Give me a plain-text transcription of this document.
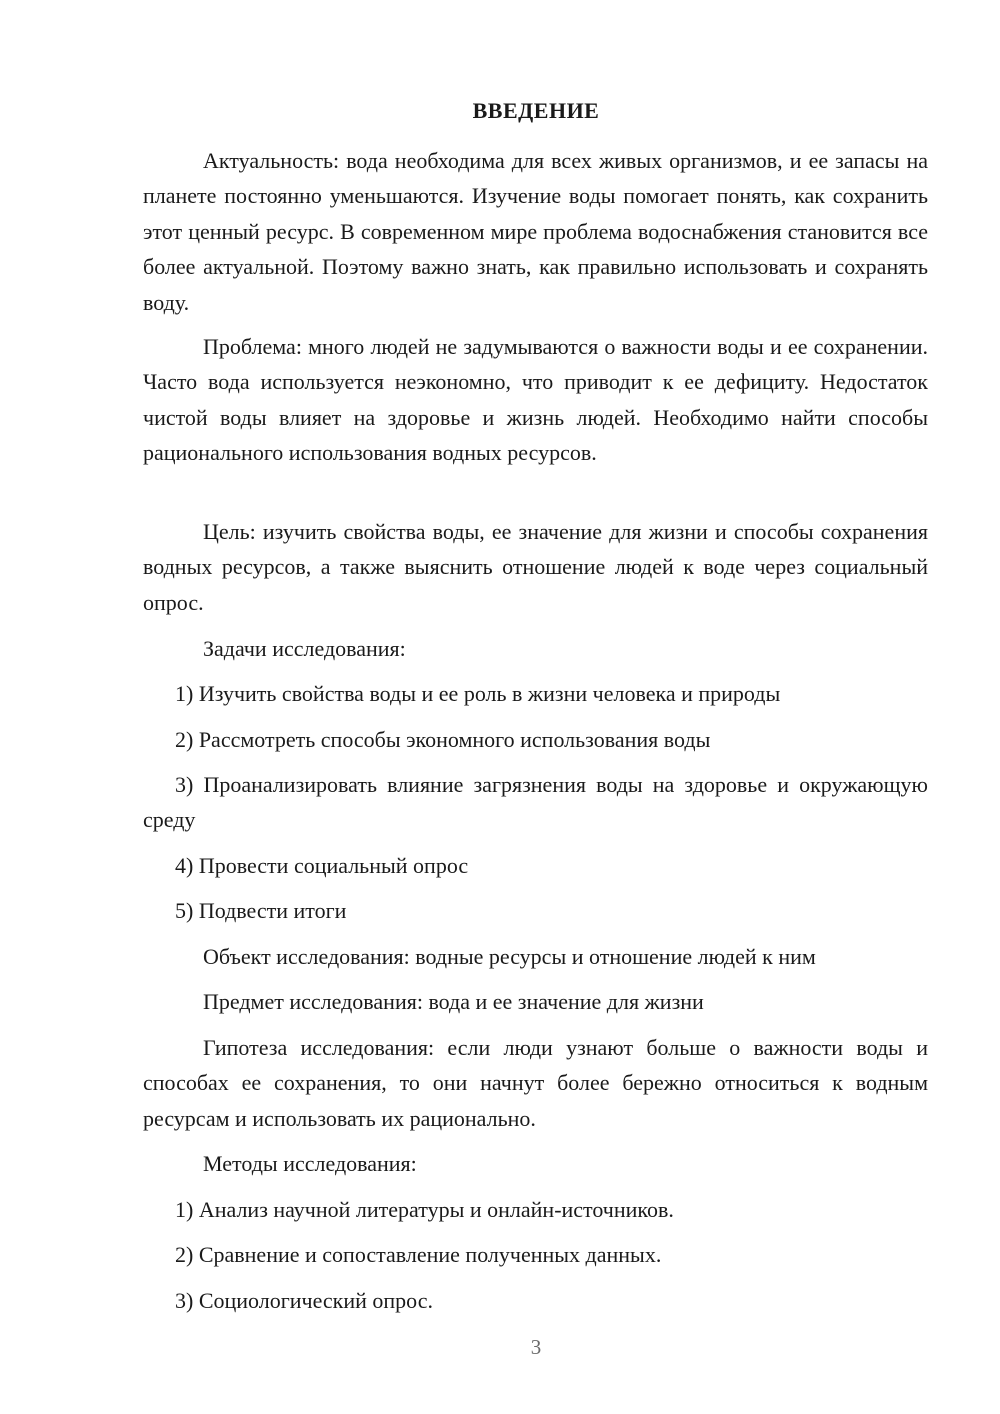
ВВЕДЕНИЕ

Актуальность: вода необходима для всех живых организмов, и ее запасы на планете постоянно уменьшаются. Изучение воды помогает понять, как сохранить этот ценный ресурс. В современном мире проблема водоснабжения становится все более актуальной. Поэтому важно знать, как правильно использовать и сохранять воду.

Проблема: много людей не задумываются о важности воды и ее сохранении. Часто вода используется неэкономно, что приводит к ее дефициту. Недостаток чистой воды влияет на здоровье и жизнь людей. Необходимо найти способы рационального использования водных ресурсов.

Цель: изучить свойства воды, ее значение для жизни и способы сохранения водных ресурсов, а также выяснить отношение людей к воде через социальный опрос.

Задачи исследования:

1) Изучить свойства воды и ее роль в жизни человека и природы

2) Рассмотреть способы экономного использования воды

3) Проанализировать влияние загрязнения воды на здоровье и окружающую среду

4) Провести социальный опрос

5) Подвести итоги

Объект исследования: водные ресурсы и отношение людей к ним

Предмет исследования: вода и ее значение для жизни

Гипотеза исследования: если люди узнают больше о важности воды и способах ее сохранения, то они начнут более бережно относиться к водным ресурсам и использовать их рационально.

Методы исследования:

1) Анализ научной литературы и онлайн-источников.

2) Сравнение и сопоставление полученных данных.

3) Социологический опрос.

3
